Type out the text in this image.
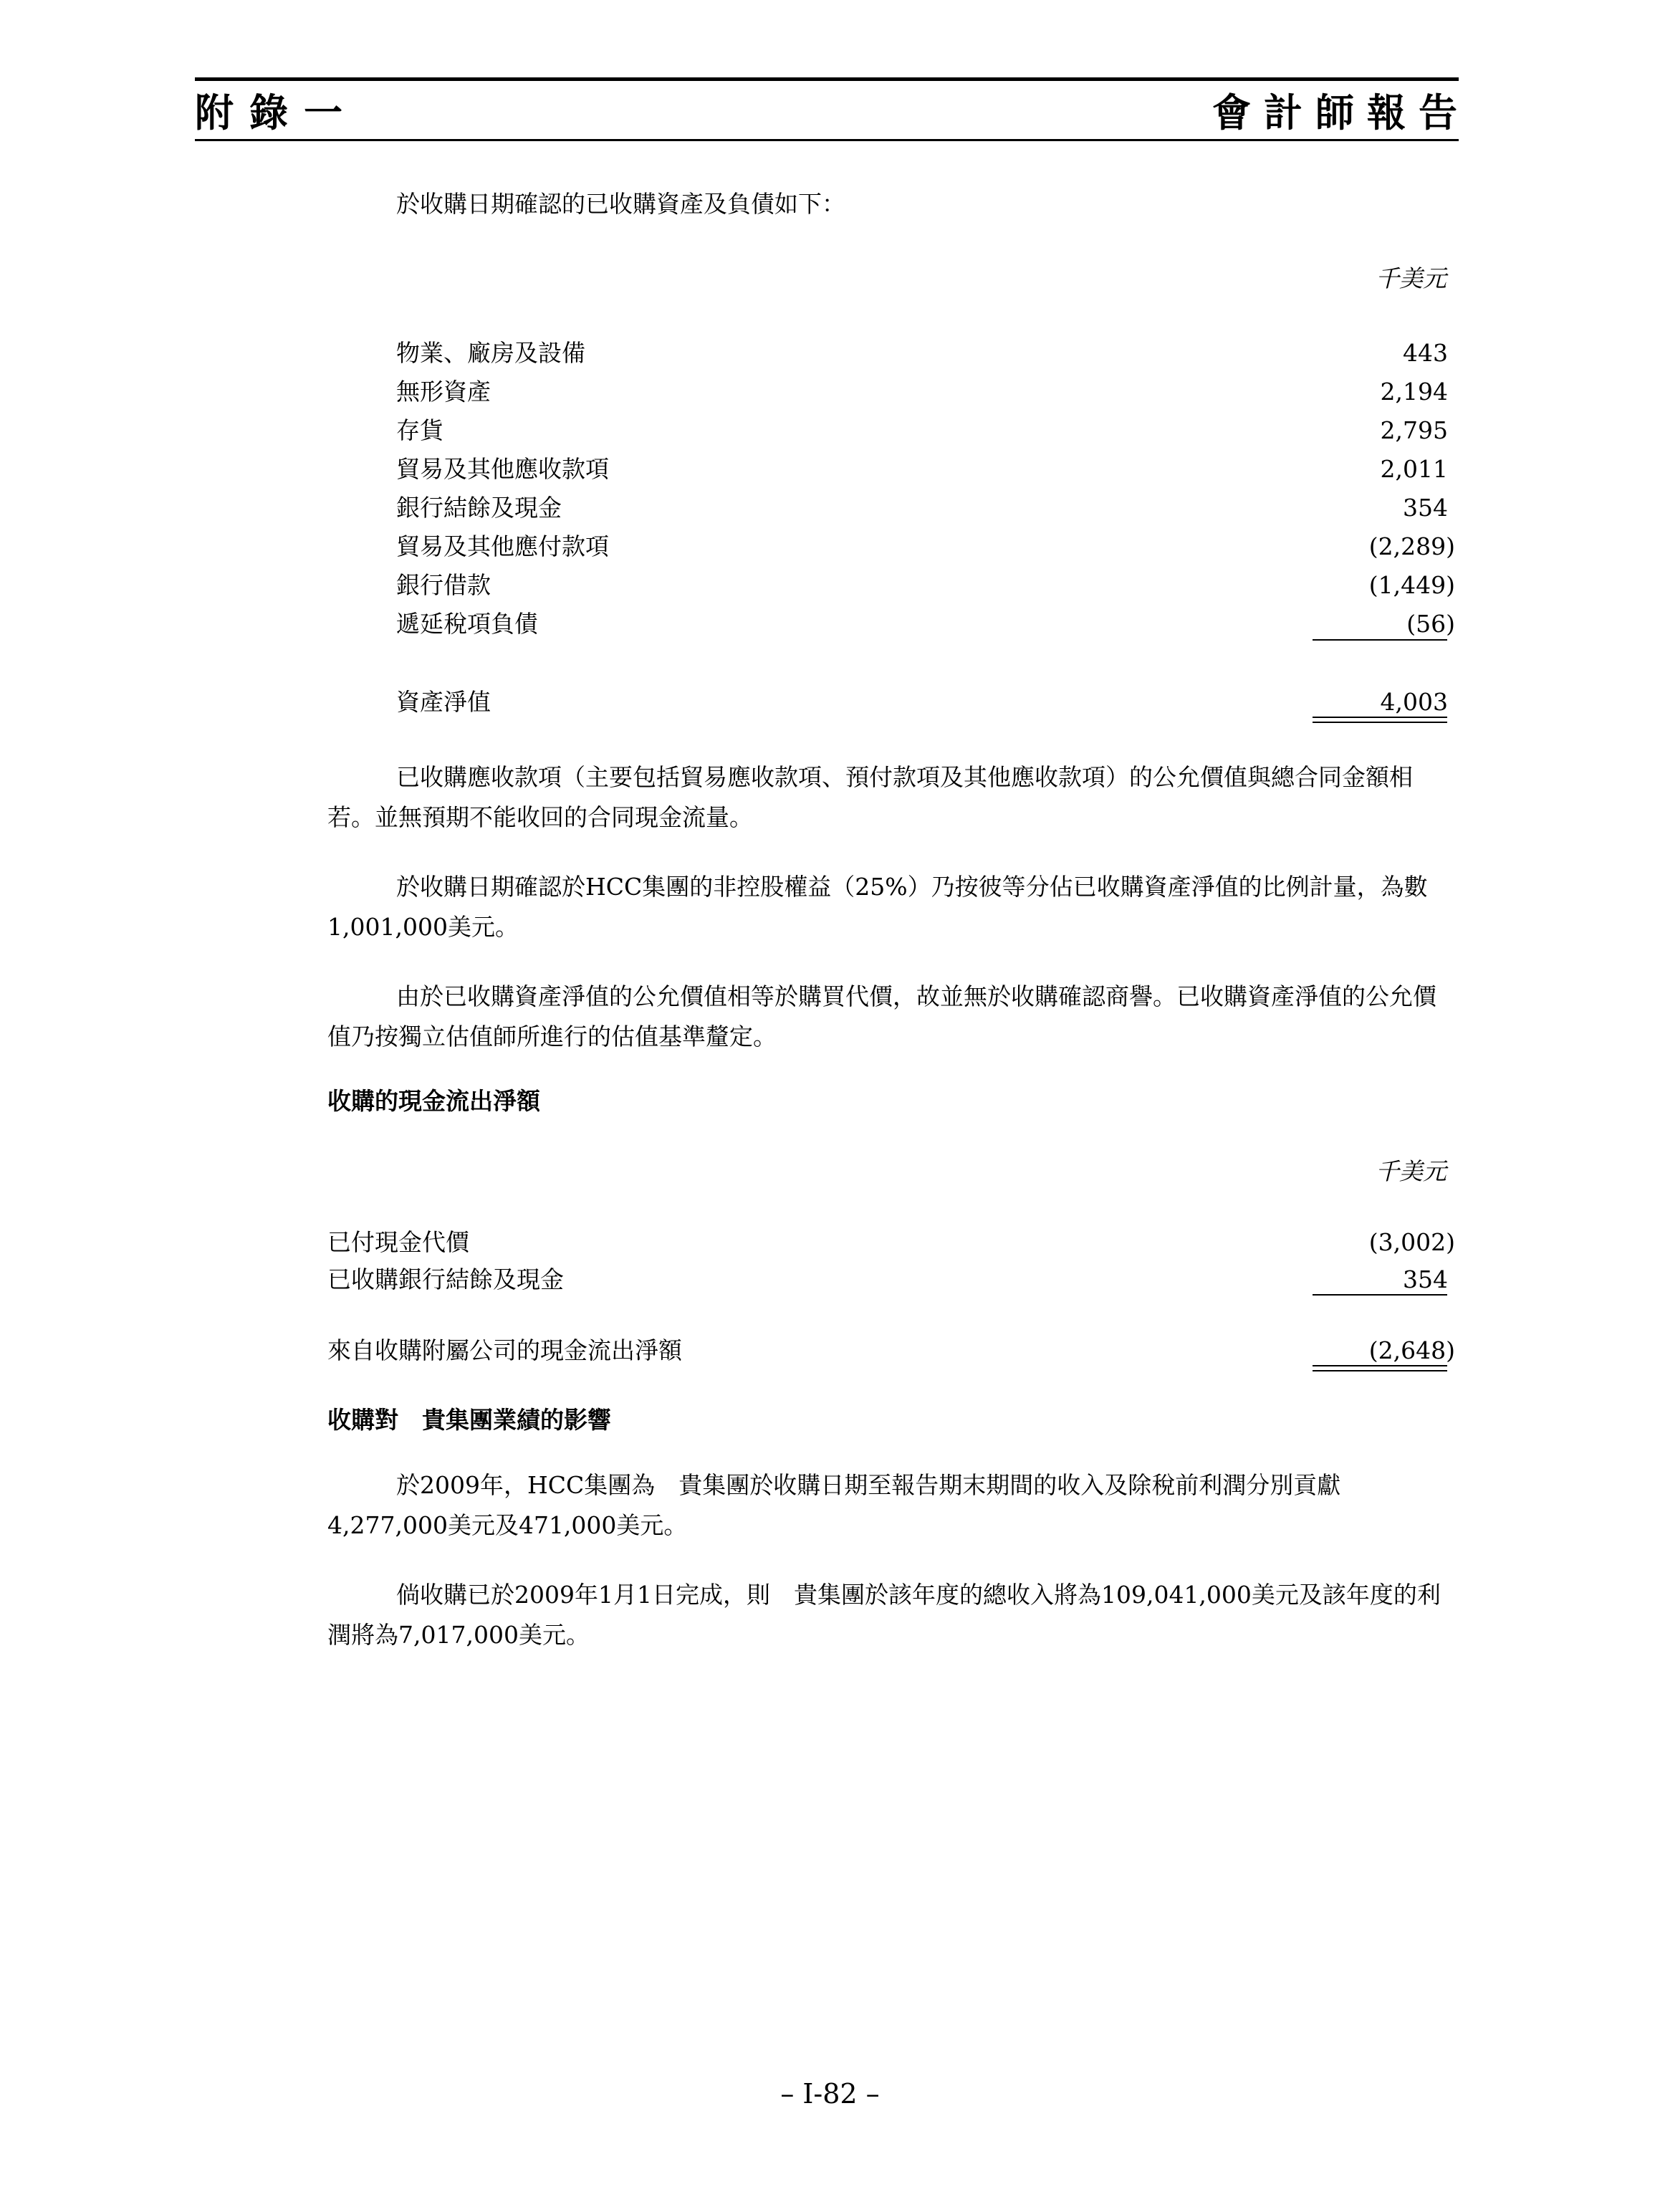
附錄一	會計師報告
於收購日期確認的已收購資產及負債如下：
千美元
物業、廠房及設備	443
無形資產	2,194
存貨	2,795
貿易及其他應收款項	2,011
銀行結餘及現金	354
貿易及其他應付款項	(2,289)
銀行借款	(1,449)
遞延稅項負債	(56)
資產淨值	4,003
已收購應收款項（主要包括貿易應收款項、預付款項及其他應收款項）的公允價值與總合同金額相若。並無預期不能收回的合同現金流量。
於收購日期確認於HCC集團的非控股權益（25%）乃按彼等分佔已收購資產淨值的比例計量，為數1,001,000美元。
由於已收購資產淨值的公允價值相等於購買代價，故並無於收購確認商譽。已收購資產淨值的公允價值乃按獨立估值師所進行的估值基準釐定。
收購的現金流出淨額
千美元
已付現金代價	(3,002)
已收購銀行結餘及現金	354
來自收購附屬公司的現金流出淨額	(2,648)
收購對　貴集團業績的影響
於2009年，HCC集團為　貴集團於收購日期至報告期末期間的收入及除稅前利潤分別貢獻4,277,000美元及471,000美元。
倘收購已於2009年1月1日完成，則　貴集團於該年度的總收入將為109,041,000美元及該年度的利潤將為7,017,000美元。
– I-82 –
